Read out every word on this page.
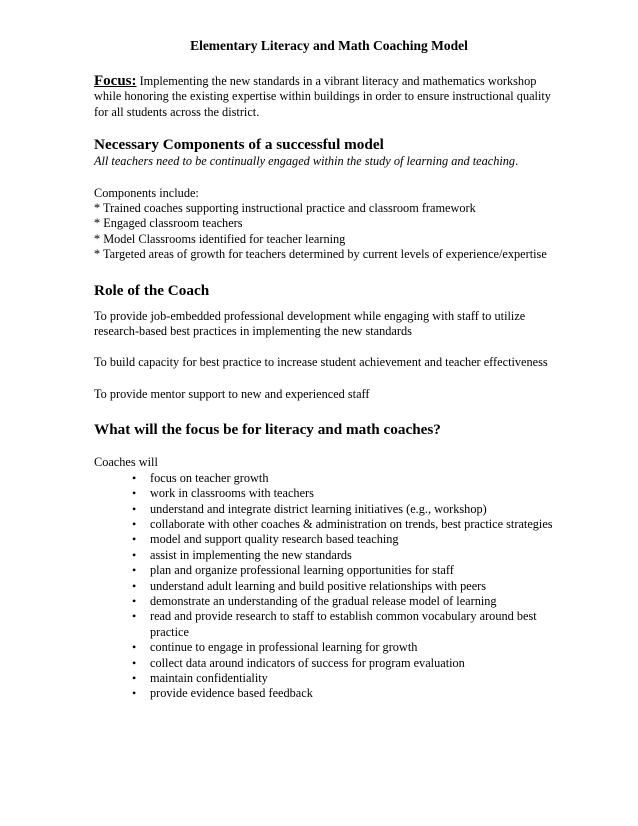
Elementary Literacy and Math Coaching Model

Focus: Implementing the new standards in a vibrant literacy and mathematics workshop while honoring the existing expertise within buildings in order to ensure instructional quality for all students across the district.

Necessary Components of a successful model

All teachers need to be continually engaged within the study of learning and teaching.

Components include:

* Trained coaches supporting instructional practice and classroom framework

* Engaged classroom teachers

* Model Classrooms identified for teacher learning

* Targeted areas of growth for teachers determined by current levels of experience/expertise

Role of the Coach

To provide job-embedded professional development while engaging with staff to utilize research-based best practices in implementing the new standards

To build capacity for best practice to increase student achievement and teacher effectiveness

To provide mentor support to new and experienced staff

What will the focus be for literacy and math coaches?

Coaches will

• focus on teacher growth
• work in classrooms with teachers
• understand and integrate district learning initiatives (e.g., workshop)
• collaborate with other coaches & administration on trends, best practice strategies
• model and support quality research based teaching
• assist in implementing the new standards
• plan and organize professional learning opportunities for staff
• understand adult learning and build positive relationships with peers
• demonstrate an understanding of the gradual release model of learning
• read and provide research to staff to establish common vocabulary around best practice
• continue to engage in professional learning for growth
• collect data around indicators of success for program evaluation
• maintain confidentiality
• provide evidence based feedback
